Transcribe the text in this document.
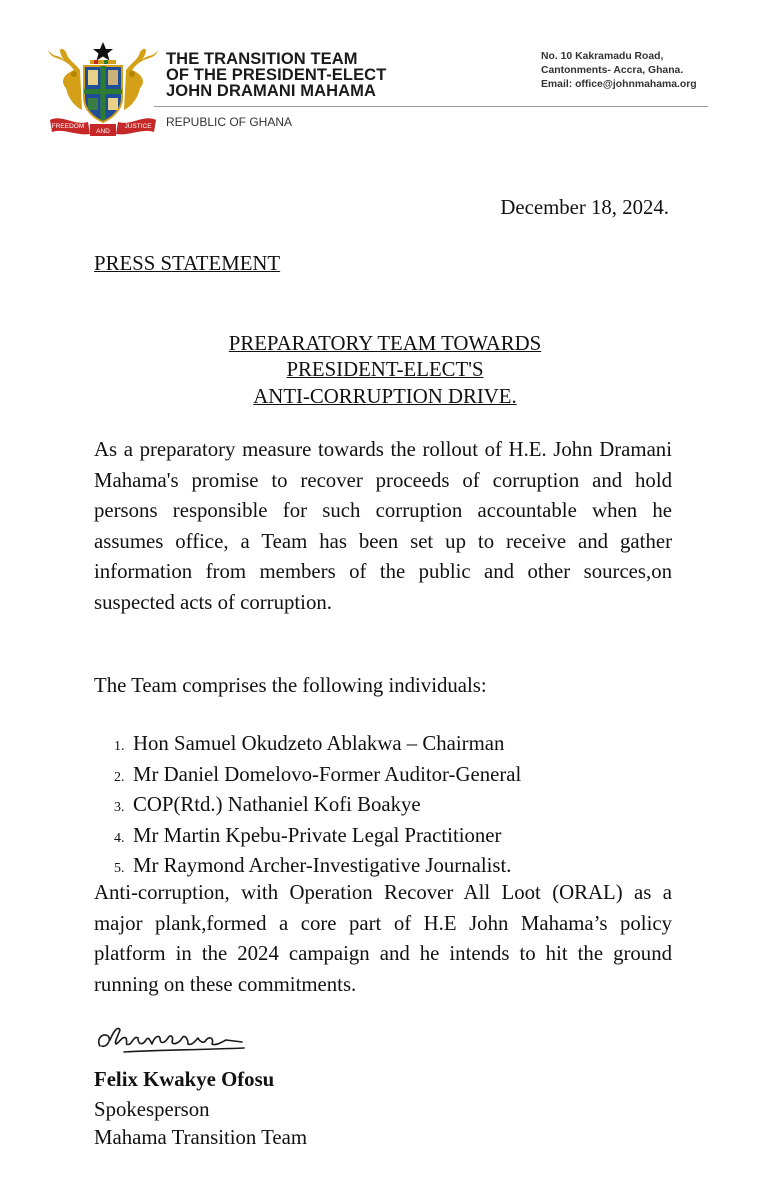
FREEDOM
AND
JUSTICE
THE TRANSITION TEAM
OF THE PRESIDENT-ELECT
JOHN DRAMANI MAHAMA
No. 10 Kakramadu Road,
Cantonments- Accra, Ghana.
Email: office@johnmahama.org
REPUBLIC OF GHANA
December 18, 2024.
PRESS STATEMENT
PREPARATORY TEAM TOWARDS
PRESIDENT-ELECT'S
ANTI-CORRUPTION DRIVE.

As a preparatory measure towards the rollout of H.E. John Dramani Mahama's promise to recover proceeds of corruption and hold persons responsible for such corruption accountable when he assumes office, a Team has been set up to receive and gather information from members of the public and other sources,on suspected acts of corruption.

The Team comprises the following individuals:
1. Hon Samuel Okudzeto Ablakwa – Chairman
2. Mr Daniel Domelovo-Former Auditor-General
3. COP(Rtd.) Nathaniel Kofi Boakye
4. Mr Martin Kpebu-Private Legal Practitioner
5. Mr Raymond Archer-Investigative Journalist.

Anti-corruption, with Operation Recover All Loot (ORAL) as a major plank,formed a core part of H.E John Mahama’s policy platform in the 2024 campaign and he intends to hit the ground running on these commitments.

Felix Kwakye Ofosu
Spokesperson
Mahama Transition Team
